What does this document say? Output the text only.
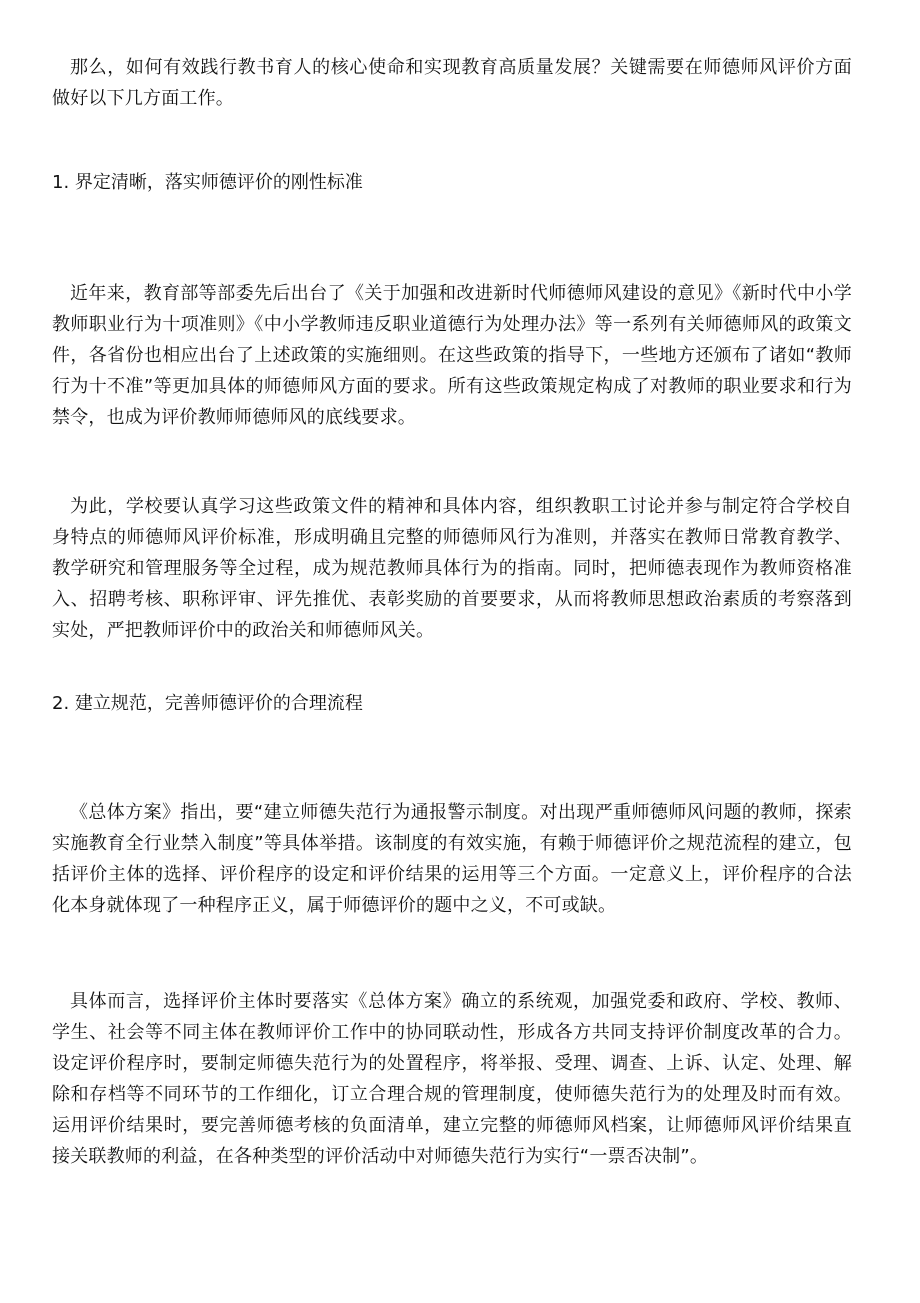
那么，如何有效践行教书育人的核心使命和实现教育高质量发展？关键需要在师德师风评价方面做好以下几方面工作。

1. 界定清晰，落实师德评价的刚性标准

近年来，教育部等部委先后出台了《关于加强和改进新时代师德师风建设的意见》《新时代中小学教师职业行为十项准则》《中小学教师违反职业道德行为处理办法》等一系列有关师德师风的政策文件，各省份也相应出台了上述政策的实施细则。在这些政策的指导下，一些地方还颁布了诸如“教师行为十不准”等更加具体的师德师风方面的要求。所有这些政策规定构成了对教师的职业要求和行为禁令，也成为评价教师师德师风的底线要求。

为此，学校要认真学习这些政策文件的精神和具体内容，组织教职工讨论并参与制定符合学校自身特点的师德师风评价标准，形成明确且完整的师德师风行为准则，并落实在教师日常教育教学、教学研究和管理服务等全过程，成为规范教师具体行为的指南。同时，把师德表现作为教师资格准入、招聘考核、职称评审、评先推优、表彰奖励的首要要求，从而将教师思想政治素质的考察落到实处，严把教师评价中的政治关和师德师风关。

2. 建立规范，完善师德评价的合理流程

《总体方案》指出，要“建立师德失范行为通报警示制度。对出现严重师德师风问题的教师，探索实施教育全行业禁入制度”等具体举措。该制度的有效实施，有赖于师德评价之规范流程的建立，包括评价主体的选择、评价程序的设定和评价结果的运用等三个方面。一定意义上，评价程序的合法化本身就体现了一种程序正义，属于师德评价的题中之义，不可或缺。

具体而言，选择评价主体时要落实《总体方案》确立的系统观，加强党委和政府、学校、教师、学生、社会等不同主体在教师评价工作中的协同联动性，形成各方共同支持评价制度改革的合力。设定评价程序时，要制定师德失范行为的处置程序，将举报、受理、调查、上诉、认定、处理、解除和存档等不同环节的工作细化，订立合理合规的管理制度，使师德失范行为的处理及时而有效。运用评价结果时，要完善师德考核的负面清单，建立完整的师德师风档案，让师德师风评价结果直接关联教师的利益，在各种类型的评价活动中对师德失范行为实行“一票否决制”。
